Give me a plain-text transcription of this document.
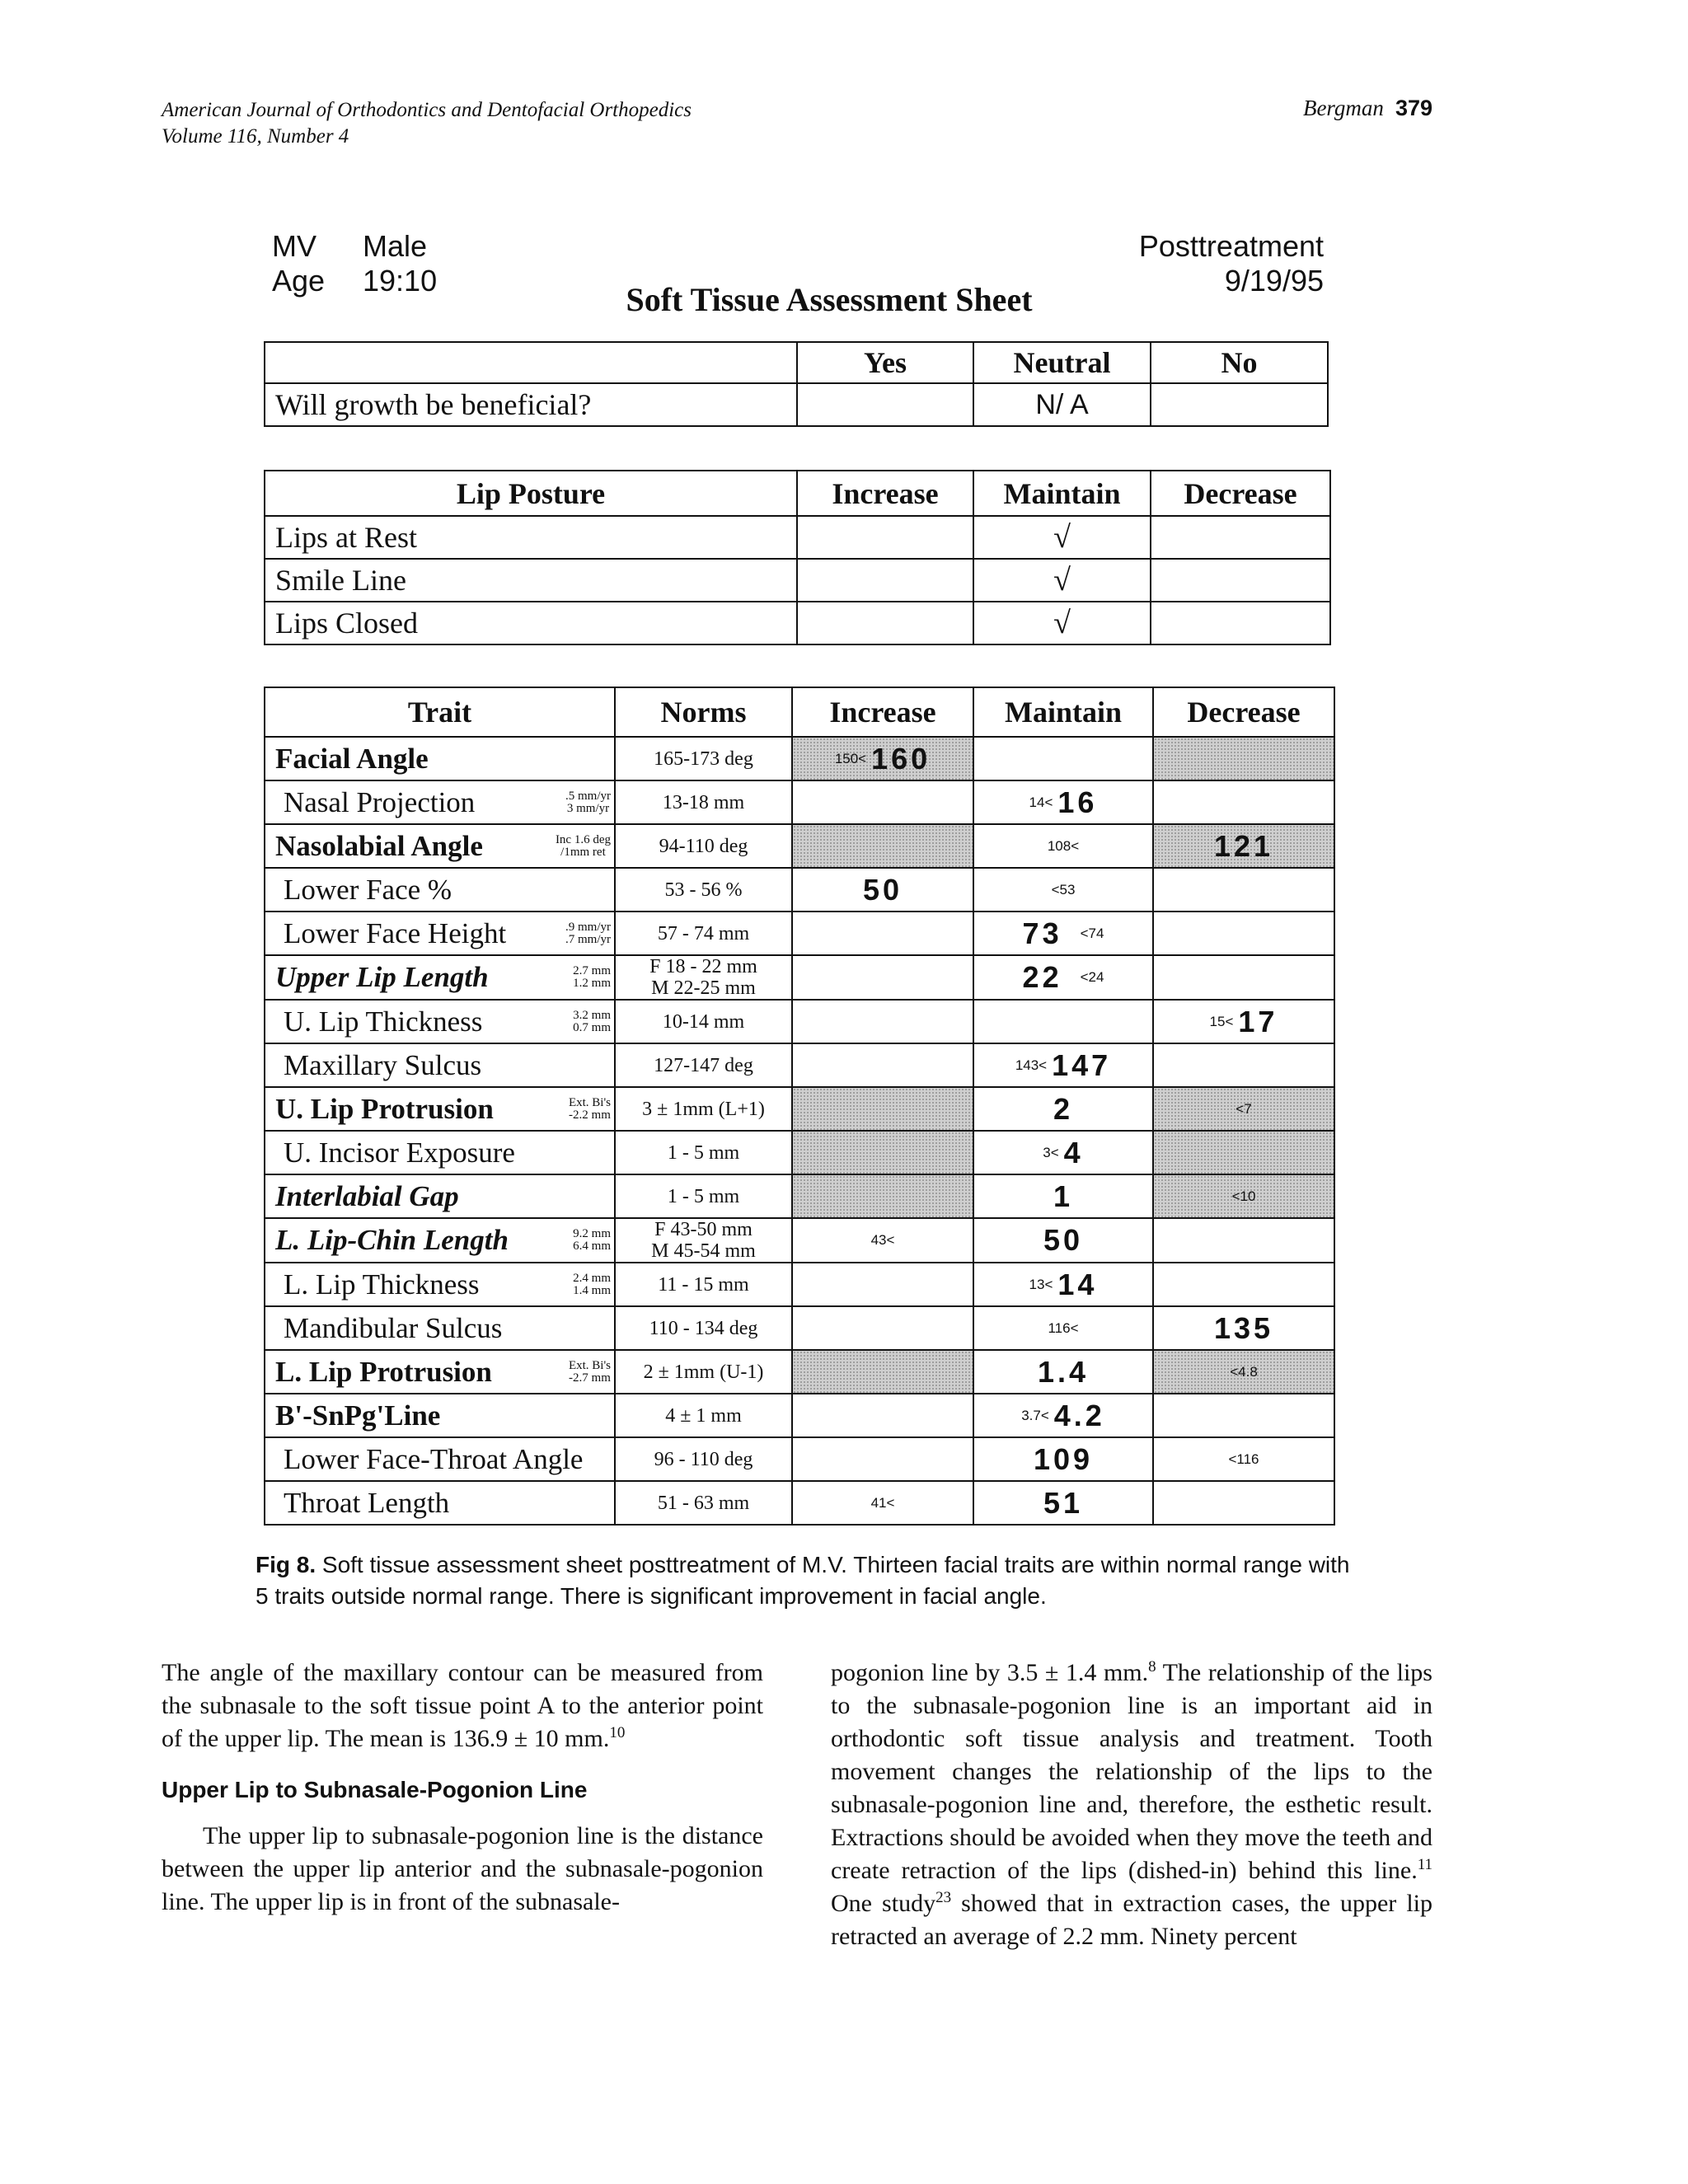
American Journal of Orthodontics and Dentofacial Orthopedics
Volume 116, Number 4
Bergman 379
MV Male
Age 19:10
Posttreatment
9/19/95
Soft Tissue Assessment Sheet
	Yes	Neutral	No
Will growth be beneficial?		N/ A	
Lip Posture	Increase	Maintain	Decrease
Lips at Rest		√	
Smile Line		√	
Lips Closed		√	
Trait	Norms	Increase	Maintain	Decrease

Facial Angle	165-173 deg	150< 160		

Nasal Projection .5 mm/yr
3 mm/yr	13-18 mm		14< 16	

Nasolabial Angle Inc 1.6 deg
/1mm ret	94-110 deg		108<	121

Lower Face %	53 - 56 %	50	<53	

Lower Face Height .9 mm/yr
.7 mm/yr	57 - 74 mm		73 <74	

Upper Lip Length 2.7 mm
1.2 mm	F 18 - 22 mm
M 22-25 mm		22 <24	

U. Lip Thickness 3.2 mm
0.7 mm	10-14 mm			15< 17

Maxillary Sulcus	127-147 deg		143< 147	

U. Lip Protrusion Ext. Bi's
-2.2 mm	3 ± 1mm (L+1)		2	<7

U. Incisor Exposure	1 - 5 mm		3< 4	

Interlabial Gap	1 - 5 mm		1	<10

L. Lip-Chin Length 9.2 mm
6.4 mm	F 43-50 mm
M 45-54 mm	43<	50	

L. Lip Thickness 2.4 mm
1.4 mm	11 - 15 mm		13< 14	

Mandibular Sulcus	110 - 134 deg		116<	135

L. Lip Protrusion Ext. Bi's
-2.7 mm	2 ± 1mm (U-1)		1.4	<4.8

B'-SnPg'Line	4 ± 1 mm		3.7< 4.2	

Lower Face-Throat Angle	96 - 110 deg		109	<116

Throat Length	51 - 63 mm	41<	51	

Fig 8. Soft tissue assessment sheet posttreatment of M.V. Thirteen facial traits are within normal range with 5 traits outside normal range. There is significant improvement in facial angle.

The angle of the maxillary contour can be measured from the subnasale to the soft tissue point A to the anterior point of the upper lip. The mean is 136.9 ± 10 mm.$^{10}$

Upper Lip to Subnasale-Pogonion Line

The upper lip to subnasale-pogonion line is the distance between the upper lip anterior and the subnasale-pogonion line. The upper lip is in front of the subnasale-

pogonion line by 3.5 ± 1.4 mm.$^8$ The relationship of the lips to the subnasale-pogonion line is an important aid in orthodontic soft tissue analysis and treatment. Tooth movement changes the relationship of the lips to the subnasale-pogonion line and, therefore, the esthetic result. Extractions should be avoided when they move the teeth and create retraction of the lips (dished-in) behind this line.$^{11}$ One study$^{23}$ showed that in extraction cases, the upper lip retracted an average of 2.2 mm. Ninety percent
